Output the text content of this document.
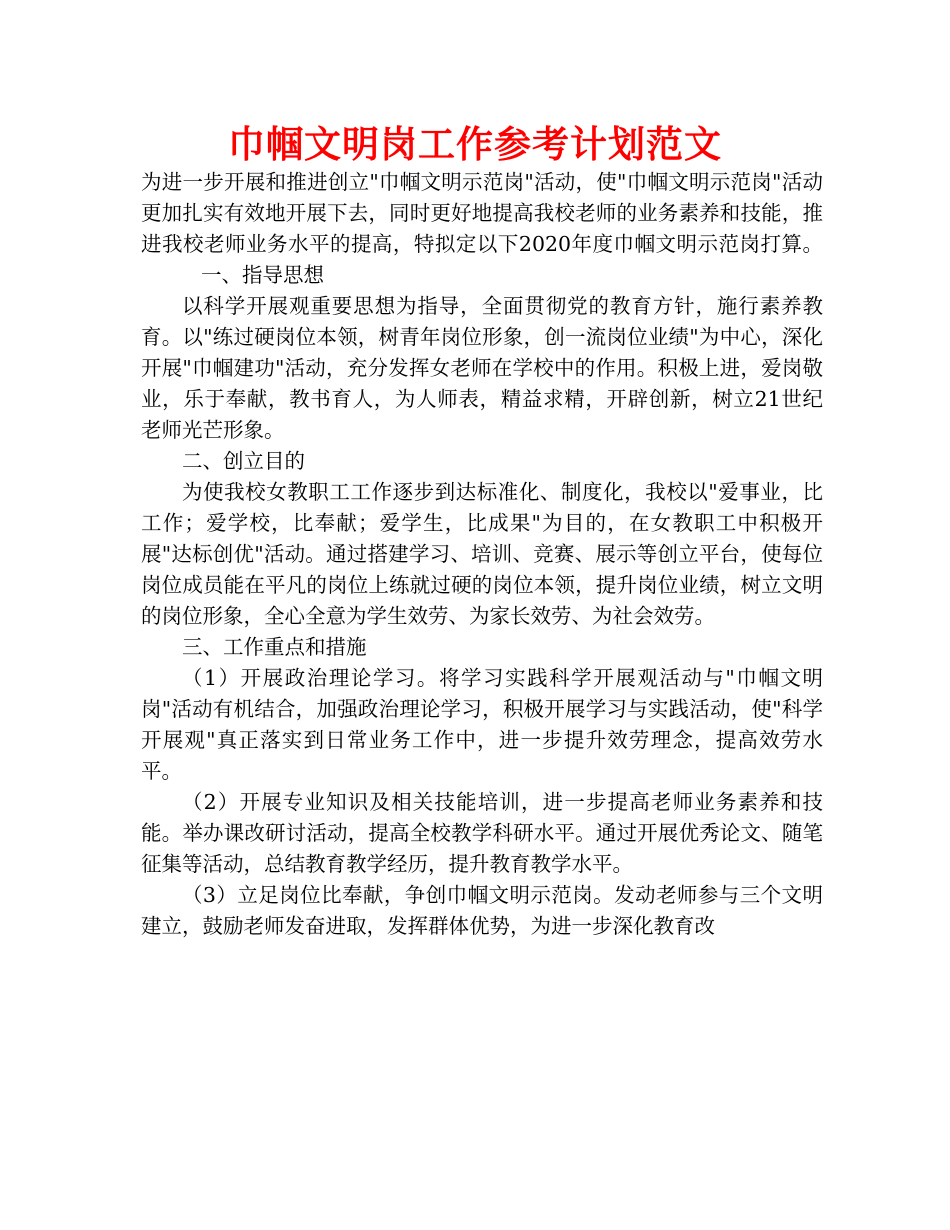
巾帼文明岗工作参考计划范文

为进一步开展和推进创立"巾帼文明示范岗"活动，使"巾帼文明示范岗"活动更加扎实有效地开展下去，同时更好地提高我校老师的业务素养和技能，推进我校老师业务水平的提高，特拟定以下2020年度巾帼文明示范岗打算。一、指导思想

以科学开展观重要思想为指导，全面贯彻党的教育方针，施行素养教育。以"练过硬岗位本领，树青年岗位形象，创一流岗位业绩"为中心，深化开展"巾帼建功"活动，充分发挥女老师在学校中的作用。积极上进，爱岗敬业，乐于奉献，教书育人，为人师表，精益求精，开辟创新，树立21世纪老师光芒形象。

二、创立目的

为使我校女教职工工作逐步到达标准化、制度化，我校以"爱事业，比工作；爱学校，比奉献；爱学生，比成果"为目的，在女教职工中积极开展"达标创优"活动。通过搭建学习、培训、竞赛、展示等创立平台，使每位岗位成员能在平凡的岗位上练就过硬的岗位本领，提升岗位业绩，树立文明的岗位形象，全心全意为学生效劳、为家长效劳、为社会效劳。

三、工作重点和措施

（1）开展政治理论学习。将学习实践科学开展观活动与"巾帼文明岗"活动有机结合，加强政治理论学习，积极开展学习与实践活动，使"科学开展观"真正落实到日常业务工作中，进一步提升效劳理念，提高效劳水平。

（2）开展专业知识及相关技能培训，进一步提高老师业务素养和技能。举办课改研讨活动，提高全校教学科研水平。通过开展优秀论文、随笔征集等活动，总结教育教学经历，提升教育教学水平。

（3）立足岗位比奉献，争创巾帼文明示范岗。发动老师参与三个文明建立，鼓励老师发奋进取，发挥群体优势，为进一步深化教育改
